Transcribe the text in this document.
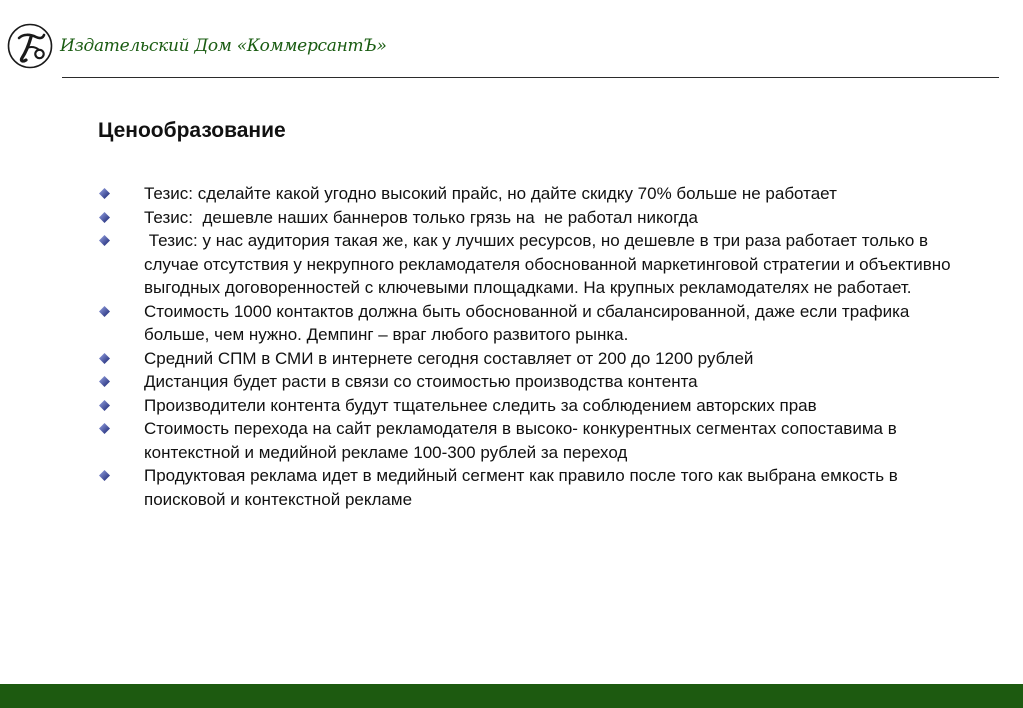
Издательский Дом «КоммерсантЪ»
Ценообразование
Тезис: сделайте какой угодно высокий прайс, но дайте скидку 70% больше не работает
Тезис:  дешевле наших баннеров только грязь на  не работал никогда
Тезис: у нас аудитория такая же, как у лучших ресурсов, но дешевле в три раза работает только в случае отсутствия у некрупного рекламодателя обоснованной маркетинговой стратегии и объективно выгодных договоренностей с ключевыми площадками. На крупных рекламодателях не работает.
Стоимость 1000 контактов должна быть обоснованной и сбалансированной, даже если трафика больше, чем нужно. Демпинг – враг любого развитого рынка.
Средний СПМ в СМИ в интернете сегодня составляет от 200 до 1200 рублей
Дистанция будет расти в связи со стоимостью производства контента
Производители контента будут тщательнее следить за соблюдением авторских прав
Стоимость перехода на сайт рекламодателя в высоко- конкурентных сегментах сопоставима в контекстной и медийной рекламе 100-300 рублей за переход
Продуктовая реклама идет в медийный сегмент как правило после того как выбрана емкость в поисковой и контекстной рекламе
